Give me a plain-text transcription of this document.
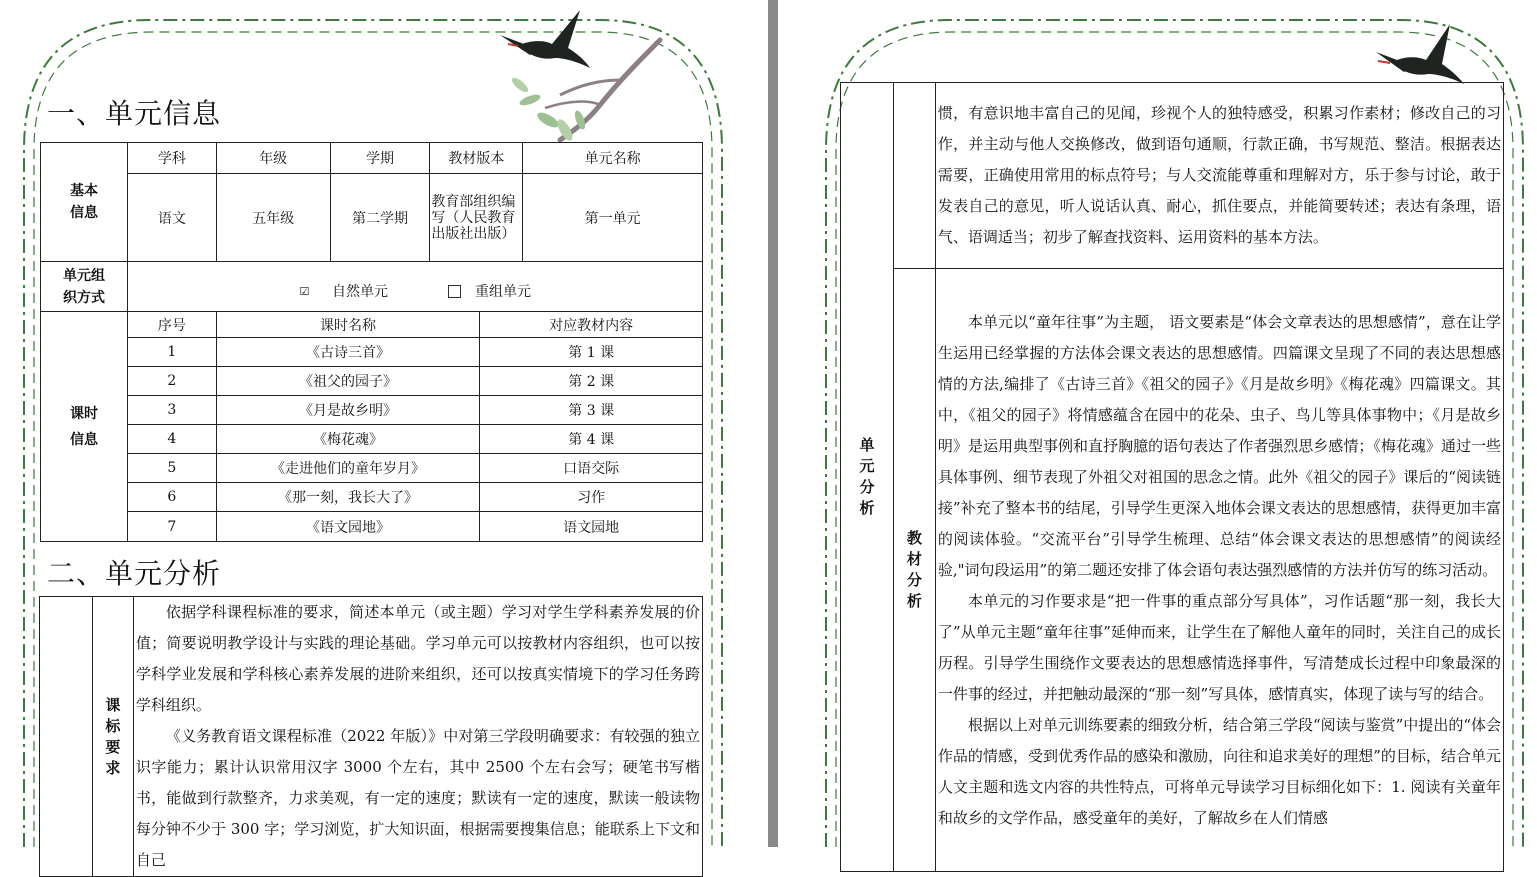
一、单元信息
基本信息	学科	年级	学期	教材版本	单元名称
	语文	五年级	第二学期	教育部组织编写（人民教育出版社出版）	第一单元

单元组织方式	☑ 自然单元 重组单元				
课时信息	序号	课时名称	对应教材内容
	1	《古诗三首》	第 1 课
	2	《祖父的园子》	第 2 课
	3	《月是故乡明》	第 3 课
	4	《梅花魂》	第 4 课
	5	《走进他们的童年岁月》	口语交际
	6	《那一刻，我长大了》	习作
	7	《语文园地》	语文园地
二、单元分析

课标要求

依据学科课程标准的要求，简述本单元（或主题）学习对学生学科素养发展的价值；简要说明教学设计与实践的理论基础。学习单元可以按教材内容组织，也可以按学科学业发展和学科核心素养发展的进阶来组织，还可以按真实情境下的学习任务跨学科组织。

《义务教育语文课程标准（2022 年版）》中对第三学段明确要求：有较强的独立识字能力；累计认识常用汉字 3000 个左右，其中 2500 个左右会写；硬笔书写楷书，能做到行款整齐，力求美观，有一定的速度；默读有一定的速度，默读一般读物每分钟不少于 300 字；学习浏览，扩大知识面，根据需要搜集信息；能联系上下文和自己

单元分析		惯，有意识地丰富自己的见闻，珍视个人的独特感受，积累习作素材；修改自己的习作，并主动与他人交换修改，做到语句通顺，行款正确，书写规范、整洁。根据表达需要，正确使用常用的标点符号；与人交流能尊重和理解对方，乐于参与讨论，敢于发表自己的意见，听人说话认真、耐心，抓住要点，并能简要转述；表达有条理，语气、语调适当；初步了解查找资料、运用资料的基本方法。

	教材分析	本单元以“童年往事”为主题， 语文要素是“体会文章表达的思想感情”，意在让学生运用已经掌握的方法体会课文表达的思想感情。四篇课文呈现了不同的表达思想感情的方法,编排了《古诗三首》《祖父的园子》《月是故乡明》《梅花魂》四篇课文。其中，《祖父的园子》将情感蕴含在园中的花朵、虫子、鸟儿等具体事物中；《月是故乡明》是运用典型事例和直抒胸臆的语句表达了作者强烈思乡感情；《梅花魂》通过一些具体事例、细节表现了外祖父对祖国的思念之情。此外《祖父的园子》课后的“阅读链接”补充了整本书的结尾，引导学生更深入地体会课文表达的思想感情，获得更加丰富的阅读体验。“交流平台”引导学生梳理、总结“体会课文表达的思想感情”的阅读经验,"词句段运用”的第二题还安排了体会语句表达强烈感情的方法并仿写的练习活动。

本单元的习作要求是“把一件事的重点部分写具体”，习作话题“那一刻，我长大了”从单元主题“童年往事”延伸而来，让学生在了解他人童年的同时，关注自己的成长历程。引导学生围绕作文要表达的思想感情选择事件，写清楚成长过程中印象最深的一件事的经过，并把触动最深的“那一刻”写具体，感情真实，体现了读与写的结合。

根据以上对单元训练要素的细致分析，结合第三学段“阅读与鉴赏”中提出的“体会作品的情感，受到优秀作品的感染和激励，向往和追求美好的理想”的目标，结合单元人文主题和选文内容的共性特点，可将单元导读学习目标细化如下：1. 阅读有关童年和故乡的文学作品，感受童年的美好，了解故乡在人们情感
